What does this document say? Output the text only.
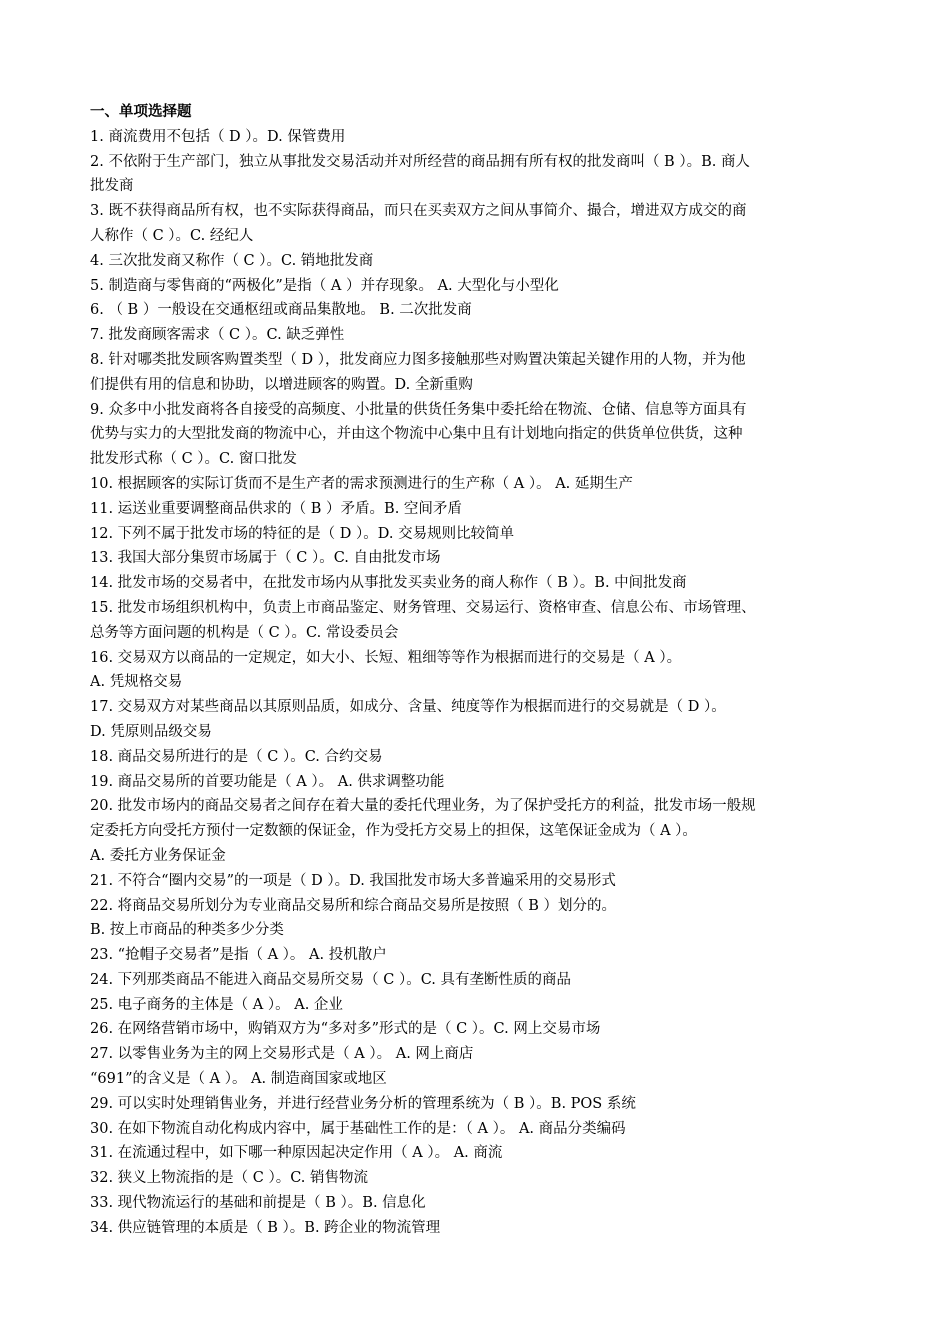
一、单项选择题
1. 商流费用不包括（ D ）。D. 保管费用
2. 不依附于生产部门，独立从事批发交易活动并对所经营的商品拥有所有权的批发商叫（ B ）。B. 商人
批发商
3. 既不获得商品所有权，也不实际获得商品，而只在买卖双方之间从事简介、撮合，增进双方成交的商
人称作（ C ）。C. 经纪人
4. 三次批发商又称作（ C ）。C. 销地批发商
5. 制造商与零售商的“两极化”是指（ A ）并存现象。 A. 大型化与小型化
6. （ B ）一般设在交通枢纽或商品集散地。 B. 二次批发商
7. 批发商顾客需求（ C ）。C. 缺乏弹性
8. 针对哪类批发顾客购置类型（ D ），批发商应力图多接触那些对购置决策起关键作用的人物，并为他
们提供有用的信息和协助，以增进顾客的购置。D. 全新重购
9. 众多中小批发商将各自接受的高频度、小批量的供货任务集中委托给在物流、仓储、信息等方面具有
优势与实力的大型批发商的物流中心，并由这个物流中心集中且有计划地向指定的供货单位供货，这种
批发形式称（ C ）。C. 窗口批发
10. 根据顾客的实际订货而不是生产者的需求预测进行的生产称（ A ）。 A. 延期生产
11. 运送业重要调整商品供求的（ B ）矛盾。B. 空间矛盾
12. 下列不属于批发市场的特征的是（ D ）。D. 交易规则比较简单
13. 我国大部分集贸市场属于（ C ）。C. 自由批发市场
14. 批发市场的交易者中，在批发市场内从事批发买卖业务的商人称作（ B ）。B. 中间批发商
15. 批发市场组织机构中，负责上市商品鉴定、财务管理、交易运行、资格审查、信息公布、市场管理、
总务等方面问题的机构是（ C ）。C. 常设委员会
16. 交易双方以商品的一定规定，如大小、长短、粗细等等作为根据而进行的交易是（ A ）。
A. 凭规格交易
17. 交易双方对某些商品以其原则品质，如成分、含量、纯度等作为根据而进行的交易就是（ D ）。
D. 凭原则品级交易
18. 商品交易所进行的是（ C ）。C. 合约交易
19. 商品交易所的首要功能是（ A ）。 A. 供求调整功能
20. 批发市场内的商品交易者之间存在着大量的委托代理业务，为了保护受托方的利益，批发市场一般规
定委托方向受托方预付一定数额的保证金，作为受托方交易上的担保，这笔保证金成为（ A ）。
A. 委托方业务保证金
21. 不符合“圈内交易”的一项是（ D ）。D. 我国批发市场大多普遍采用的交易形式
22. 将商品交易所划分为专业商品交易所和综合商品交易所是按照（ B ）划分的。
B. 按上市商品的种类多少分类
23. “抢帽子交易者”是指（ A ）。 A. 投机散户
24. 下列那类商品不能进入商品交易所交易（ C ）。C. 具有垄断性质的商品
25. 电子商务的主体是（ A ）。 A. 企业
26. 在网络营销市场中，购销双方为“多对多”形式的是（ C ）。C. 网上交易市场
27. 以零售业务为主的网上交易形式是（ A ）。 A. 网上商店
“691”的含义是（ A ）。 A. 制造商国家或地区
29. 可以实时处理销售业务，并进行经营业务分析的管理系统为（ B ）。B. POS 系统
30. 在如下物流自动化构成内容中，属于基础性工作的是：（ A ）。 A. 商品分类编码
31. 在流通过程中，如下哪一种原因起决定作用（ A ）。 A. 商流
32. 狭义上物流指的是（ C ）。C. 销售物流
33. 现代物流运行的基础和前提是（ B ）。B. 信息化
34. 供应链管理的本质是（ B ）。B. 跨企业的物流管理
